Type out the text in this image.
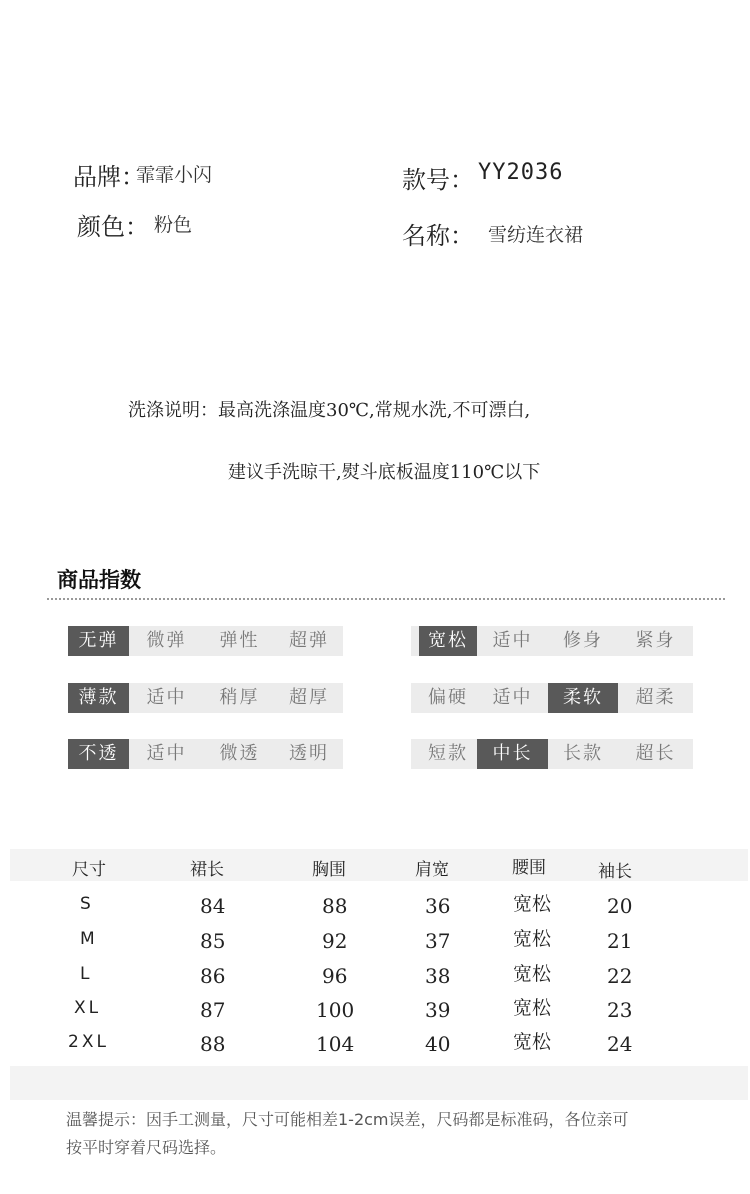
品牌：
霏霏小闪	款号： YY2036
颜色： 粉色	名称： 雪纺连衣裙
洗涤说明：最高洗涤温度30℃,常规水洗,不可漂白,
建议手洗晾干,熨斗底板温度110℃以下
商品指数
无弹	微弹	弹性	超弹	宽松	适中	修身	紧身
薄款	适中	稍厚	超厚	偏硬	适中	柔软	超柔
不透	适中	微透	透明	短款	中长	长款	超长
尺寸	裙长	胸围	肩宽	腰围	袖长
S	84	88	36	宽松	20
M	85	92	37	宽松	21
L	86	96	38	宽松	22
XL	87	100	39	宽松	23
2XL	88	104	40	宽松	24
温馨提示：因手工测量，尺寸可能相差1-2cm误差，尺码都是标准码，各位亲可
按平时穿着尺码选择。
